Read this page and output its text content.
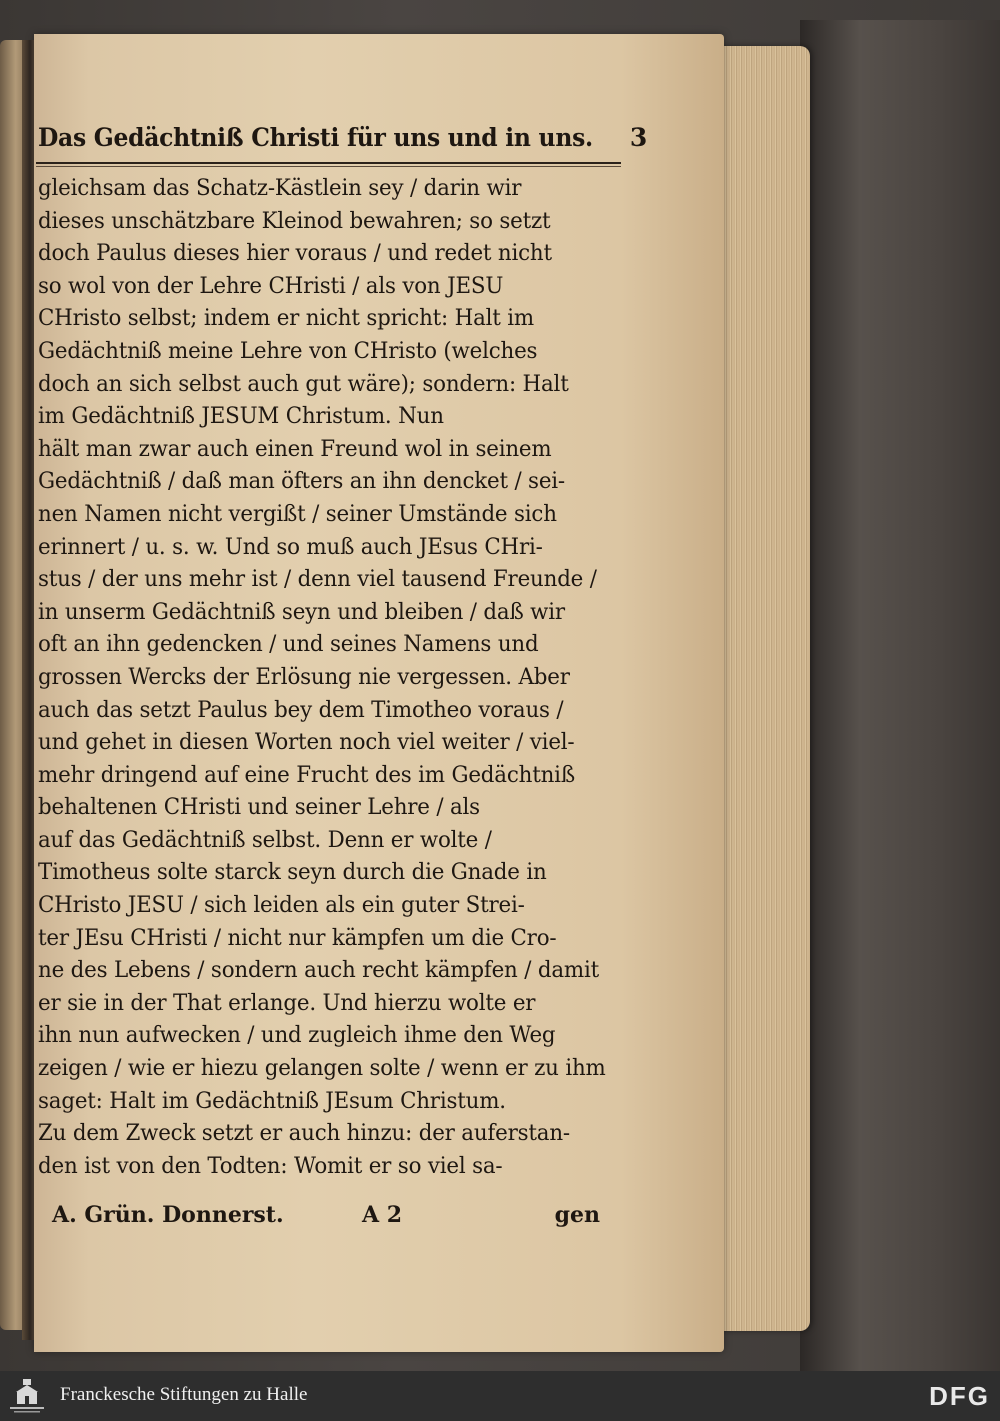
Das Gedächtniß Christi für uns und in uns. 3
gleichsam das Schatz-Kästlein sey / darin wir
dieses unschätzbare Kleinod bewahren; so setzt
doch Paulus dieses hier voraus / und redet nicht
so wol von der Lehre CHristi / als von JESU
CHristo selbst; indem er nicht spricht: Halt im
Gedächtniß meine Lehre von CHristo (welches
doch an sich selbst auch gut wäre); sondern: Halt
im Gedächtniß JESUM Christum. Nun
hält man zwar auch einen Freund wol in seinem
Gedächtniß / daß man öfters an ihn dencket / sei-
nen Namen nicht vergißt / seiner Umstände sich
erinnert / u. s. w. Und so muß auch JEsus CHri-
stus / der uns mehr ist / denn viel tausend Freunde /
in unserm Gedächtniß seyn und bleiben / daß wir
oft an ihn gedencken / und seines Namens und
grossen Wercks der Erlösung nie vergessen. Aber
auch das setzt Paulus bey dem Timotheo voraus /
und gehet in diesen Worten noch viel weiter / viel-
mehr dringend auf eine Frucht des im Gedächtniß
behaltenen CHristi und seiner Lehre / als
auf das Gedächtniß selbst. Denn er wolte /
Timotheus solte starck seyn durch die Gnade in
CHristo JESU / sich leiden als ein guter Strei-
ter JEsu CHristi / nicht nur kämpfen um die Cro-
ne des Lebens / sondern auch recht kämpfen / damit
er sie in der That erlange. Und hierzu wolte er
ihn nun aufwecken / und zugleich ihme den Weg
zeigen / wie er hiezu gelangen solte / wenn er zu ihm
saget: Halt im Gedächtniß JEsum Christum.
Zu dem Zweck setzt er auch hinzu: der auferstan-
den ist von den Todten: Womit er so viel sa-
A. Grün. Donnerst.	A 2	gen
Franckesche Stiftungen zu Halle	DFG
